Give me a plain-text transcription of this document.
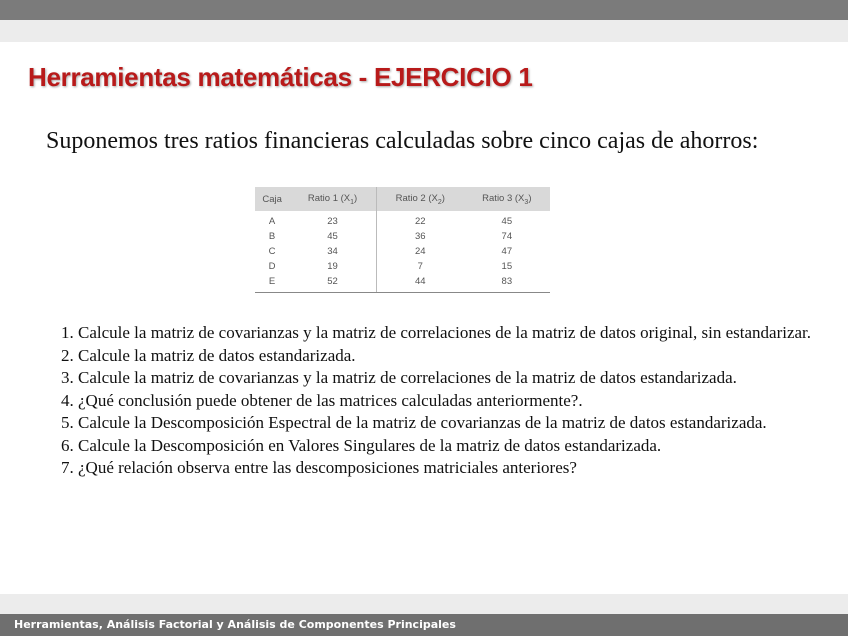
Herramientas matemáticas - EJERCICIO 1
Suponemos tres ratios financieras calculadas sobre cinco cajas de ahorros:
Caja	Ratio 1 $(X_1)$	Ratio 2 $(X_2)$	Ratio 3 $(X_3)$
A	23	22	45
B	45	36	74
C	34	24	47
D	19	7	15
E	52	44	83
1. Calcule la matriz de covarianzas y la matriz de correlaciones de la matriz de datos original, sin estandarizar.
2. Calcule la matriz de datos estandarizada.
3. Calcule la matriz de covarianzas y la matriz de correlaciones de la matriz de datos estandarizada.
4. ¿Qué conclusión puede obtener de las matrices calculadas anteriormente?.
5. Calcule la Descomposición Espectral de la matriz de covarianzas de la matriz de datos estandarizada.
6. Calcule la Descomposición en Valores Singulares de la matriz de datos estandarizada.
7. ¿Qué relación observa entre las descomposiciones matriciales anteriores?
Herramientas, Análisis Factorial y Análisis de Componentes Principales
